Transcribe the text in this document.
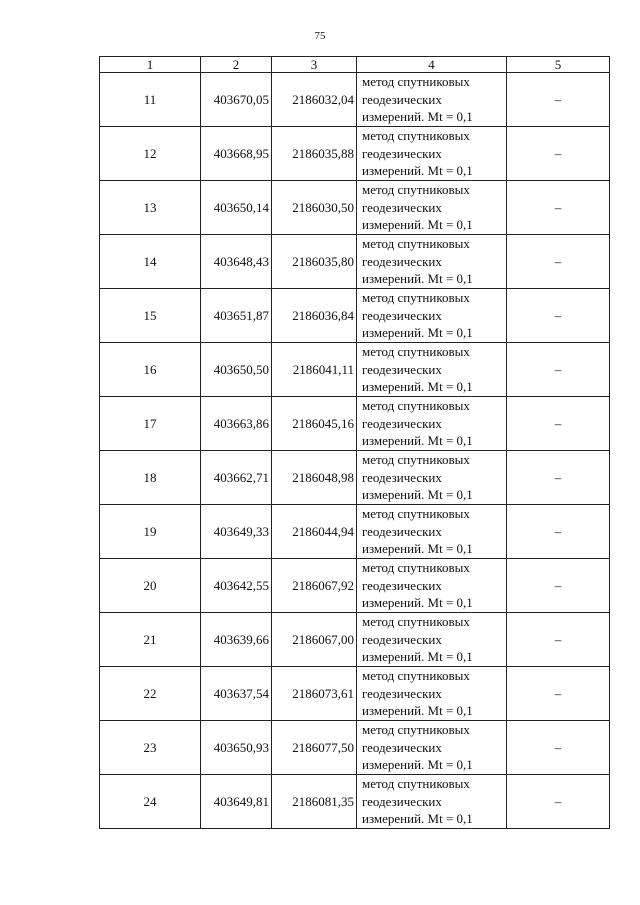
75
1	2	3	4	5
11	403670,05	2186032,04	метод спутниковых
геодезических
измерений. Mt = 0,1	–
12	403668,95	2186035,88	метод спутниковых
геодезических
измерений. Mt = 0,1	–
13	403650,14	2186030,50	метод спутниковых
геодезических
измерений. Mt = 0,1	–
14	403648,43	2186035,80	метод спутниковых
геодезических
измерений. Mt = 0,1	–
15	403651,87	2186036,84	метод спутниковых
геодезических
измерений. Mt = 0,1	–
16	403650,50	2186041,11	метод спутниковых
геодезических
измерений. Mt = 0,1	–
17	403663,86	2186045,16	метод спутниковых
геодезических
измерений. Mt = 0,1	–
18	403662,71	2186048,98	метод спутниковых
геодезических
измерений. Mt = 0,1	–
19	403649,33	2186044,94	метод спутниковых
геодезических
измерений. Mt = 0,1	–
20	403642,55	2186067,92	метод спутниковых
геодезических
измерений. Mt = 0,1	–
21	403639,66	2186067,00	метод спутниковых
геодезических
измерений. Mt = 0,1	–
22	403637,54	2186073,61	метод спутниковых
геодезических
измерений. Mt = 0,1	–
23	403650,93	2186077,50	метод спутниковых
геодезических
измерений. Mt = 0,1	–
24	403649,81	2186081,35	метод спутниковых
геодезических
измерений. Mt = 0,1	–
